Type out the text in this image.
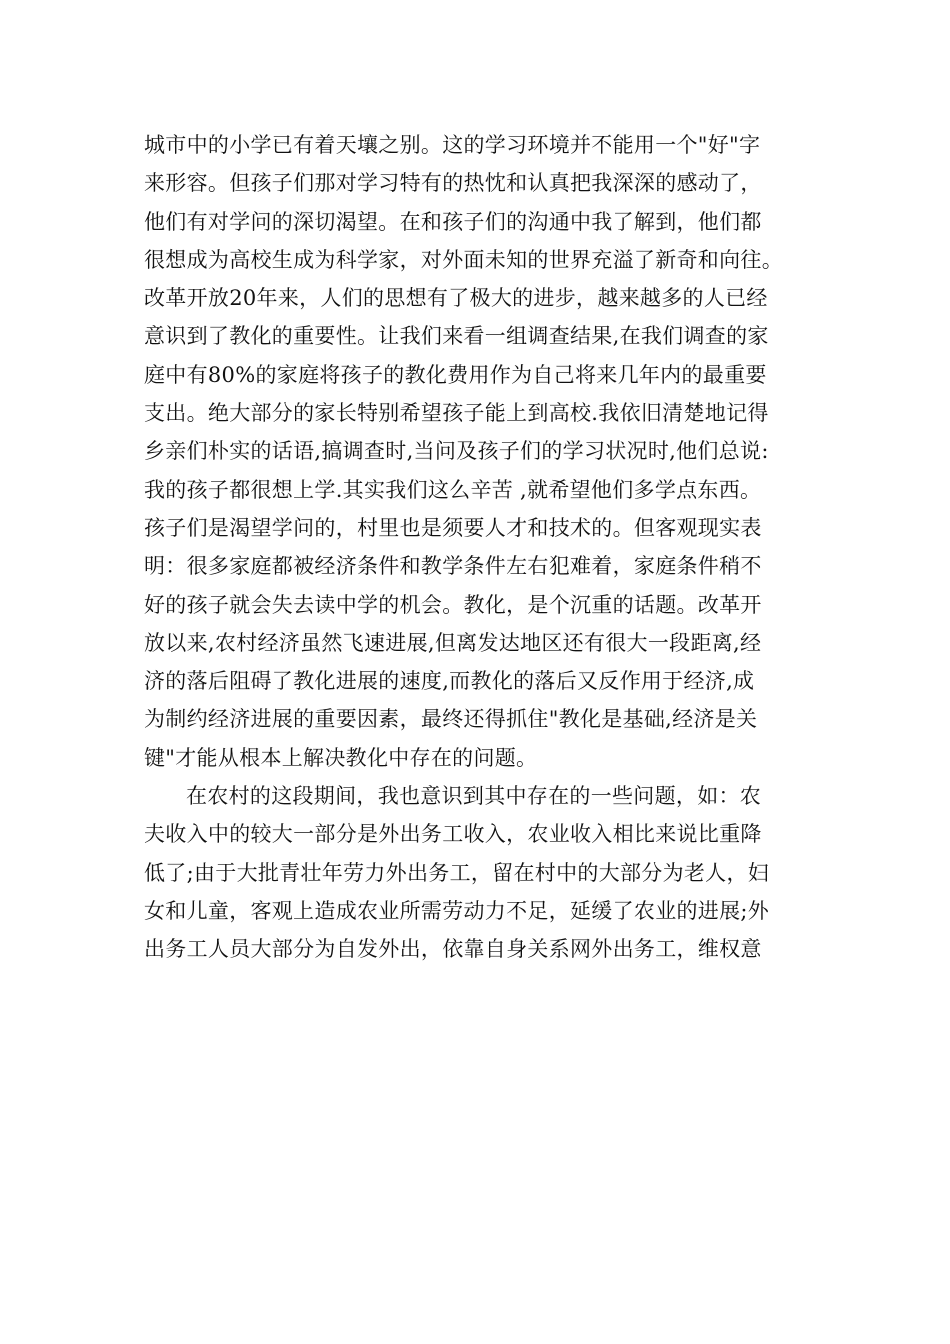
城市中的小学已有着天壤之别。这的学习环境并不能用一个"好"字
来形容。但孩子们那对学习特有的热忱和认真把我深深的感动了，
他们有对学问的深切渴望。在和孩子们的沟通中我了解到，他们都
很想成为高校生成为科学家，对外面未知的世界充溢了新奇和向往。
改革开放20年来，人们的思想有了极大的进步，越来越多的人已经
意识到了教化的重要性。让我们来看一组调查结果,在我们调查的家
庭中有80%的家庭将孩子的教化费用作为自己将来几年内的最重要
支出。绝大部分的家长特别希望孩子能上到高校.我依旧清楚地记得
乡亲们朴实的话语,搞调查时,当问及孩子们的学习状况时,他们总说:
我的孩子都很想上学.其实我们这么辛苦 ,就希望他们多学点东西。
孩子们是渴望学问的，村里也是须要人才和技术的。但客观现实表
明：很多家庭都被经济条件和教学条件左右犯难着，家庭条件稍不
好的孩子就会失去读中学的机会。教化，是个沉重的话题。改革开
放以来,农村经济虽然飞速进展,但离发达地区还有很大一段距离,经
济的落后阻碍了教化进展的速度,而教化的落后又反作用于经济,成
为制约经济进展的重要因素，最终还得抓住"教化是基础,经济是关
键"才能从根本上解决教化中存在的问题。
在农村的这段期间，我也意识到其中存在的一些问题，如：农
夫收入中的较大一部分是外出务工收入，农业收入相比来说比重降
低了;由于大批青壮年劳力外出务工，留在村中的大部分为老人，妇
女和儿童，客观上造成农业所需劳动力不足，延缓了农业的进展;外
出务工人员大部分为自发外出，依靠自身关系网外出务工，维权意
